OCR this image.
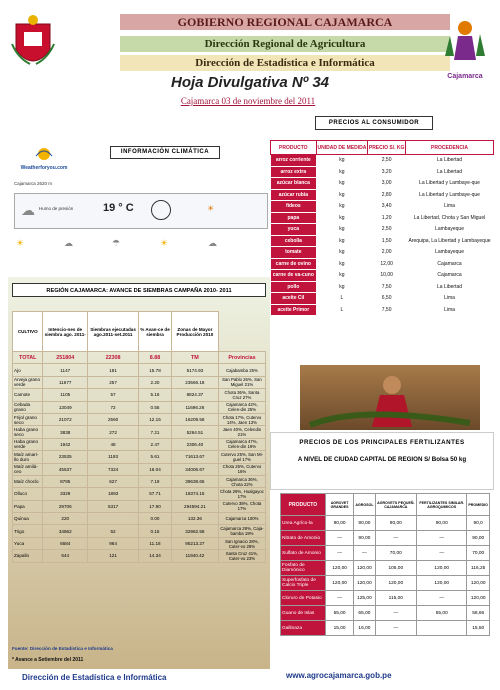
GOBIERNO REGIONAL CAJAMARCA
Dirección Regional de Agricultura
Dirección de Estadística e Informática
Hoja Divulgativa Nº 34
Cajamarca 03 de noviembre del 2011
Cajamarca
INFORMACIÓN CLIMÁTICA
Weatherforyou.com
Cajamarca 2620 m
☁ Humo de presión	19 ° C	☀
☀	☁	☂	☀	☁
PRECIOS AL CONSUMIDOR
PRODUCTO	UNIDAD DE MEDIDA	PRECIO S/. KG	PROCEDENCIA
arroz corriente	kg	2,50	La Libertad
arroz extra	kg	3,20	La Libertad
azúcar blanca	kg	3,00	La Libertad y Lambaye-que
azúcar rubia	kg	2,80	La Libertad y Lambaye-que
fideos	kg	3,40	Lima
papa	kg	1,20	La Libertad, Chota y San Miguel
yuca	kg	2,50	Lambayeque
cebolla	kg	1,50	Arequipa, La Libertad y Lambayeque
tomate	kg	2,00	Lambayeque
carne de ovino	kg	12,00	Cajamarca
carne de va-cuno	kg	10,00	Cajamarca
pollo	kg	7,50	La Libertad
aceite Cil	L	6,50	Lima
aceite Primor	L	7,50	Lima
REGIÓN CAJAMARCA: AVANCE DE SIEMBRAS CAMPAÑA 2010- 2011
CULTIVO	Intencio-nes de siembra ago. 2011-	Siembras ejecutadas ago.2011-set.2011	% Avan-ce de siembra	Zonas de Mayor Producción 2010	
TOTAL	251804	22308	8.88	TM	Provincias
Ajo	1147	181	15.78	5174.93	Cajabamba 25%
Arveja grano verde	11677	257	2.20	23566.18	San Pablo 26%, San Miguel 21%
Camote	1105	57	5.16	8824.37	Chota 36%, Santa Cruz 27%
Cebada grano	13049	72	0.55	11696.26	Cajamarca 42%, Celen-din 25%
Frijol grano seco	21072	2560	12.15	16209.58	Chota 17%, Cutervo 14%, Jaen 13%
Haba grano seco	3838	272	7.21	5264.51	Jaen 40%, Celendin 21%
Haba grano verde	1942	48	2.47	2306.40	Cajamarca 47%, Celen-din 19%
Maíz amari-llo duro	23535	1193	5.61	71613.67	Cutervo 25%, San Mi-guel 17%
Maíz amilá-ceo	45637	7324	16.04	34006.67	Chota 25%, Cutervo 16%
Maíz choclo	8785	627	7.19	39638.65	Cajamarca 36%, Chota 22%
Olluco	3329	1893	57.71	18374.15	Chota 29%, Hualgayoc 17%
Papa	29706	5317	17.90	294594.21	Cutervo 38%, Chota 17%
Quinua	220		0.00	132.36	Cajamarca 100%
Trigo	34862	52	0.15	32962.58	Cajamarca 29%, Caja-bamba 19%
Yuca	6684	964	11.18	95213.27	San Ignacio 28%, Cuter-vo 28%
Zapallo	644	121	14.34	11940.42	Santa Cruz 41%, Cuter-vo 23%
Fuente: Dirección de Estadística e Informática
* Avance a Setiembre del 2011
PRECIOS DE LOS PRINCIPALES FERTILIZANTES
A NIVEL DE CIUDAD CAPITAL DE REGION S/ Bolsa 50 kg
PRODUCTO	AGROVET GRANDES	AGROSOL	AGROVETS PEQUEÑ. CAJAMARCA	FERTILIZANTES SIMILAR. AGROQUIMICOS	PROMEDIO
Urea Agríco-la	90,00	90,00	90,00	90,00	90,0
Nitrato de Amonio	—	90,00	—	—	90,00
Sulfato de Amonio	—	—	70,00	—	70,00
Fosfato de Diamónico	120,00	120,00	105,00	120,00	116,25
Superfosfato de Calcio Triple	120,00	120,00	120,00	120,00	120,00
Cloruro de Potasio	—	125,00	115,00	—	120,00
Guano de Islas	55,00	65,00	—	55,00	58,66
Gallinaza	15,00	16,00	—		15,50
Dirección de Estadística e Informática	www.agrocajamarca.gob.pe
